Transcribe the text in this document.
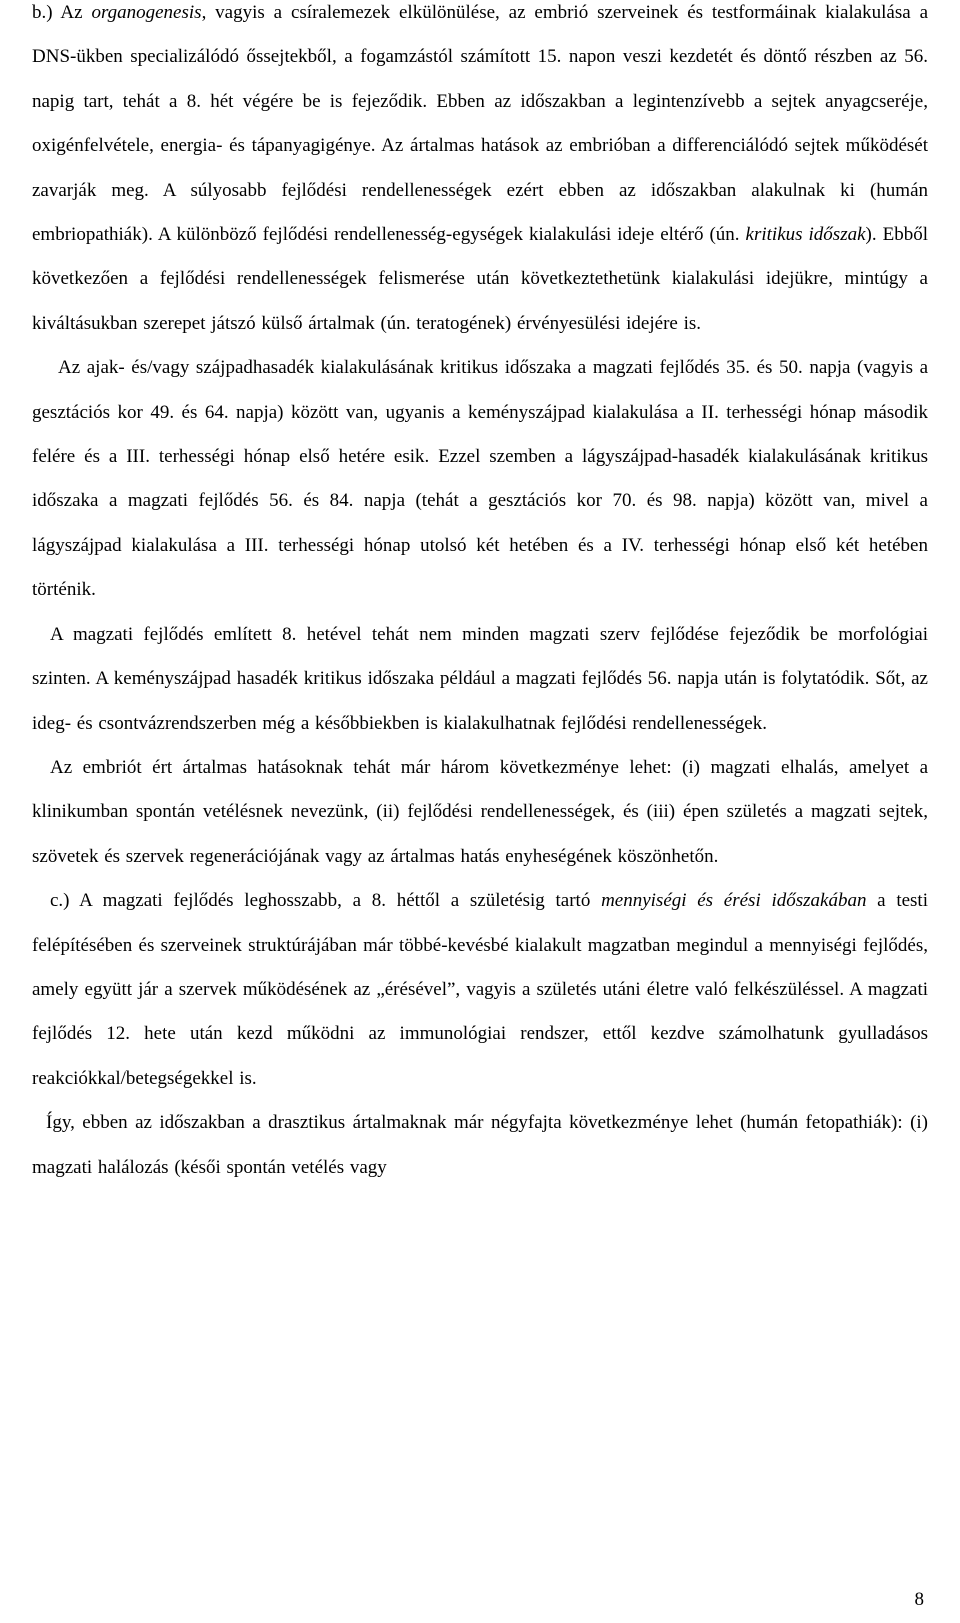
b.) Az organogenesis, vagyis a csíralemezek elkülönülése, az embrió szerveinek és testformáinak kialakulása a DNS-ükben specializálódó őssejtekből, a fogamzástól számított 15. napon veszi kezdetét és döntő részben az 56. napig tart, tehát a 8. hét végére be is fejeződik. Ebben az időszakban a legintenzívebb a sejtek anyagcseréje, oxigénfelvétele, energia- és tápanyagigénye. Az ártalmas hatások az embrióban a differenciálódó sejtek működését zavarják meg. A súlyosabb fejlődési rendellenességek ezért ebben az időszakban alakulnak ki (humán embriopathiák). A különböző fejlődési rendellenesség-egységek kialakulási ideje eltérő (ún. kritikus időszak). Ebből következően a fejlődési rendellenességek felismerése után következtethetünk kialakulási idejükre, mintúgy a kiváltásukban szerepet játszó külső ártalmak (ún. teratogének) érvényesülési idejére is.

Az ajak- és/vagy szájpadhasadék kialakulásának kritikus időszaka a magzati fejlődés 35. és 50. napja (vagyis a gesztációs kor 49. és 64. napja) között van, ugyanis a keményszájpad kialakulása a II. terhességi hónap második felére és a III. terhességi hónap első hetére esik. Ezzel szemben a lágyszájpad-hasadék kialakulásának kritikus időszaka a magzati fejlődés 56. és 84. napja (tehát a gesztációs kor 70. és 98. napja) között van, mivel a lágyszájpad kialakulása a III. terhességi hónap utolsó két hetében és a IV. terhességi hónap első két hetében történik.

A magzati fejlődés említett 8. hetével tehát nem minden magzati szerv fejlődése fejeződik be morfológiai szinten. A keményszájpad hasadék kritikus időszaka például a magzati fejlődés 56. napja után is folytatódik. Sőt, az ideg- és csontvázrendszerben még a későbbiekben is kialakulhatnak fejlődési rendellenességek.

Az embriót ért ártalmas hatásoknak tehát már három következménye lehet: (i) magzati elhalás, amelyet a klinikumban spontán vetélésnek nevezünk, (ii) fejlődési rendellenességek, és (iii) épen születés a magzati sejtek, szövetek és szervek regenerációjának vagy az ártalmas hatás enyheségének köszönhetőn.

c.) A magzati fejlődés leghosszabb, a 8. héttől a születésig tartó mennyiségi és érési időszakában a testi felépítésében és szerveinek struktúrájában már többé-kevésbé kialakult magzatban megindul a mennyiségi fejlődés, amely együtt jár a szervek működésének az „érésével”, vagyis a születés utáni életre való felkészüléssel. A magzati fejlődés 12. hete után kezd működni az immunológiai rendszer, ettől kezdve számolhatunk gyulladásos reakciókkal/betegségekkel is.

Így, ebben az időszakban a drasztikus ártalmaknak már négyfajta következménye lehet (humán fetopathiák): (i) magzati halálozás (késői spontán vetélés vagy

8
